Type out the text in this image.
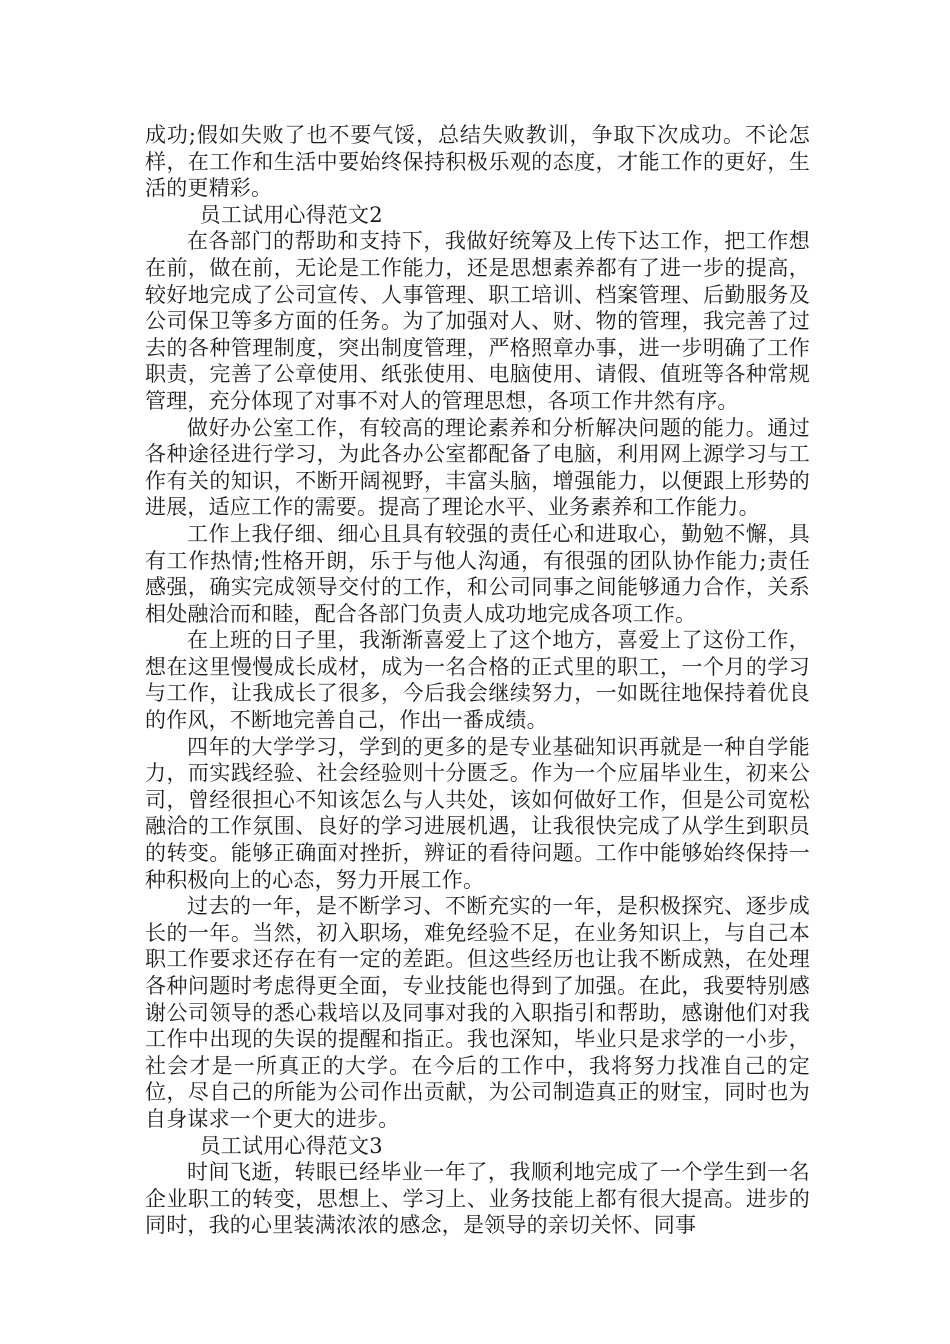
成功;假如失败了也不要气馁，总结失败教训，争取下次成功。不论怎样，在工作和生活中要始终保持积极乐观的态度，才能工作的更好，生活的更精彩。

员工试用心得范文2

在各部门的帮助和支持下，我做好统筹及上传下达工作，把工作想在前，做在前，无论是工作能力，还是思想素养都有了进一步的提高，较好地完成了公司宣传、人事管理、职工培训、档案管理、后勤服务及公司保卫等多方面的任务。为了加强对人、财、物的管理，我完善了过去的各种管理制度，突出制度管理，严格照章办事，进一步明确了工作职责，完善了公章使用、纸张使用、电脑使用、请假、值班等各种常规管理，充分体现了对事不对人的管理思想，各项工作井然有序。

做好办公室工作，有较高的理论素养和分析解决问题的能力。通过各种途径进行学习，为此各办公室都配备了电脑，利用网上源学习与工作有关的知识，不断开阔视野，丰富头脑，增强能力，以便跟上形势的进展，适应工作的需要。提高了理论水平、业务素养和工作能力。

工作上我仔细、细心且具有较强的责任心和进取心，勤勉不懈，具有工作热情;性格开朗，乐于与他人沟通，有很强的团队协作能力;责任感强，确实完成领导交付的工作，和公司同事之间能够通力合作，关系相处融洽而和睦，配合各部门负责人成功地完成各项工作。

在上班的日子里，我渐渐喜爱上了这个地方，喜爱上了这份工作，想在这里慢慢成长成材，成为一名合格的正式里的职工，一个月的学习与工作，让我成长了很多，今后我会继续努力，一如既往地保持着优良的作风，不断地完善自己，作出一番成绩。

四年的大学学习，学到的更多的是专业基础知识再就是一种自学能力，而实践经验、社会经验则十分匮乏。作为一个应届毕业生，初来公司，曾经很担心不知该怎么与人共处，该如何做好工作，但是公司宽松融洽的工作氛围、良好的学习进展机遇，让我很快完成了从学生到职员的转变。能够正确面对挫折，辨证的看待问题。工作中能够始终保持一种积极向上的心态，努力开展工作。

过去的一年，是不断学习、不断充实的一年，是积极探究、逐步成长的一年。当然，初入职场，难免经验不足，在业务知识上，与自己本职工作要求还存在有一定的差距。但这些经历也让我不断成熟，在处理各种问题时考虑得更全面，专业技能也得到了加强。在此，我要特别感谢公司领导的悉心栽培以及同事对我的入职指引和帮助，感谢他们对我工作中出现的失误的提醒和指正。我也深知，毕业只是求学的一小步，社会才是一所真正的大学。在今后的工作中，我将努力找准自己的定位，尽自己的所能为公司作出贡献，为公司制造真正的财宝，同时也为自身谋求一个更大的进步。

员工试用心得范文3

时间飞逝，转眼已经毕业一年了，我顺利地完成了一个学生到一名企业职工的转变，思想上、学习上、业务技能上都有很大提高。进步的同时，我的心里装满浓浓的感念，是领导的亲切关怀、同事
